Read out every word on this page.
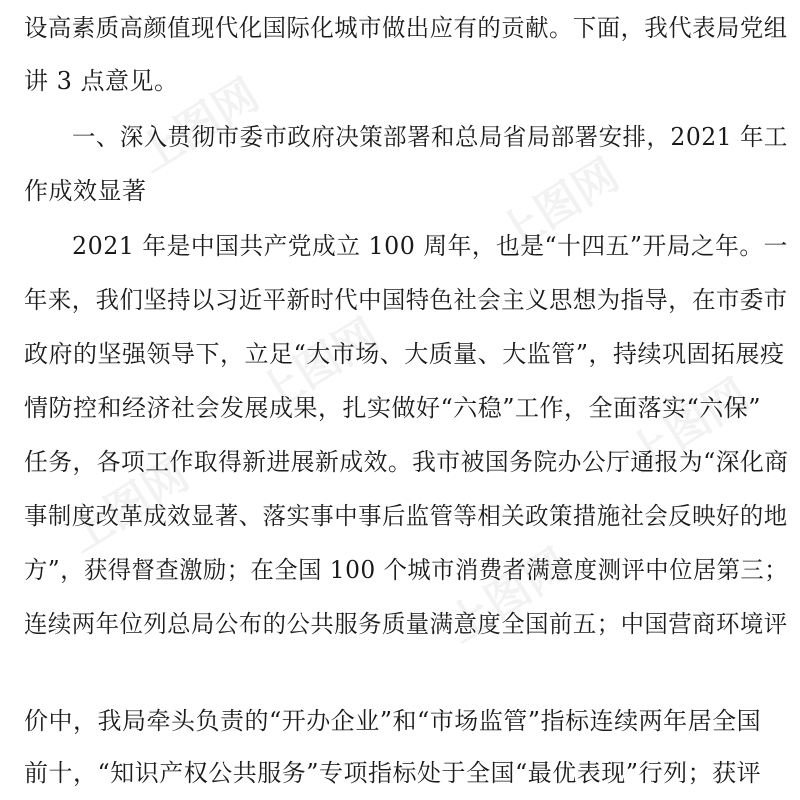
上图网
上图网
上图网
上图网
上图网
上图网
设高素质高颜值现代化国际化城市做出应有的贡献。下面，我代表局党组
讲 3 点意见。
一、深入贯彻市委市政府决策部署和总局省局部署安排，2021 年工
作成效显著
2021 年是中国共产党成立 100 周年，也是“十四五”开局之年。一
年来，我们坚持以习近平新时代中国特色社会主义思想为指导，在市委市
政府的坚强领导下，立足“大市场、大质量、大监管”，持续巩固拓展疫
情防控和经济社会发展成果，扎实做好“六稳”工作，全面落实“六保”
任务，各项工作取得新进展新成效。我市被国务院办公厅通报为“深化商
事制度改革成效显著、落实事中事后监管等相关政策措施社会反映好的地
方”，获得督查激励；在全国 100 个城市消费者满意度测评中位居第三；
连续两年位列总局公布的公共服务质量满意度全国前五；中国营商环境评
价中，我局牵头负责的“开办企业”和“市场监管”指标连续两年居全国
前十，“知识产权公共服务”专项指标处于全国“最优表现”行列；获评
